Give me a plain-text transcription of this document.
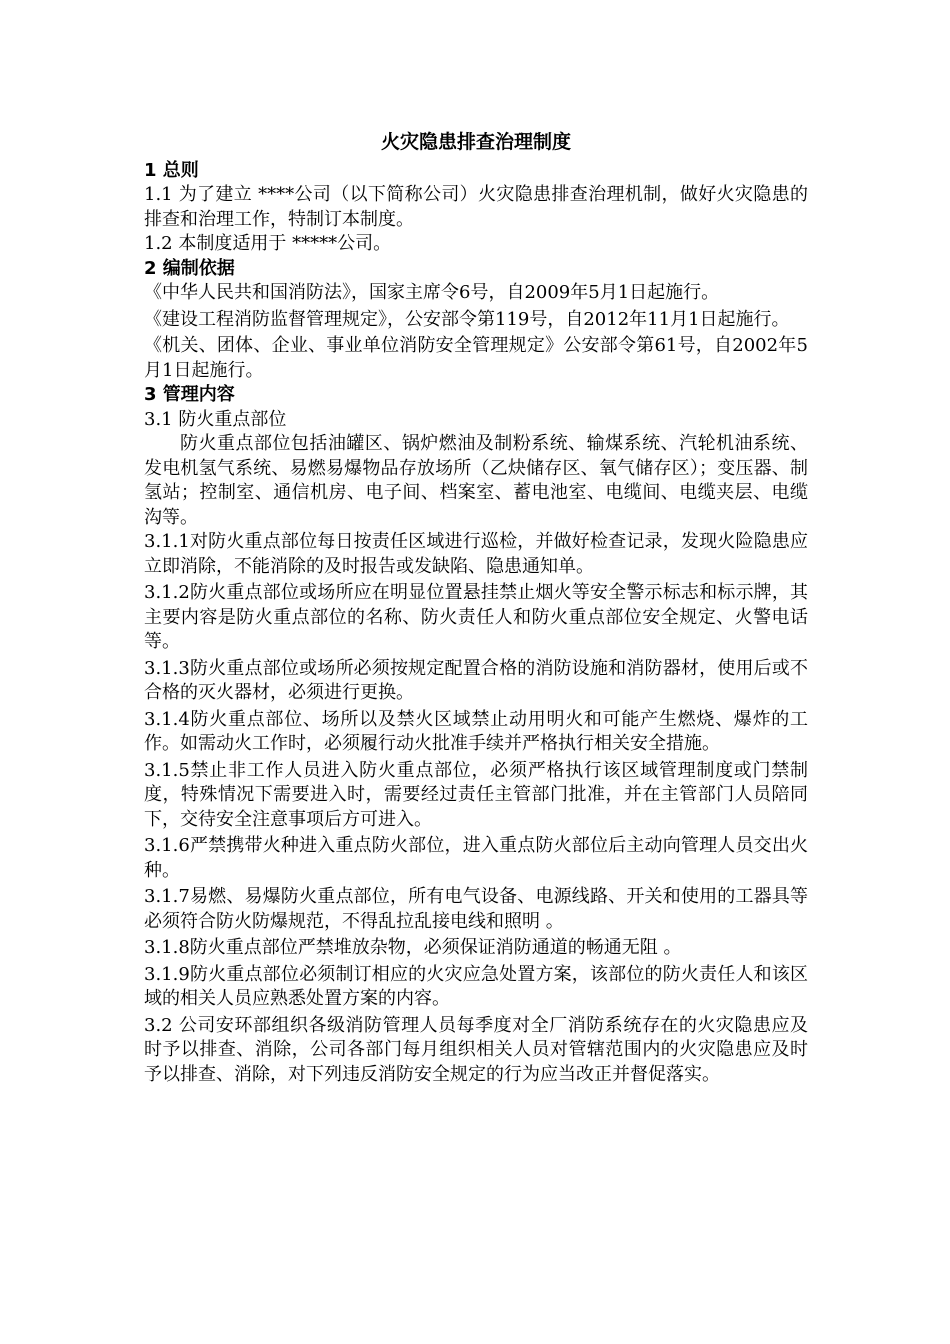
火灾隐患排查治理制度
1 总则

1.1 为了建立 ****公司（以下简称公司）火灾隐患排查治理机制，做好火灾隐患的排查和治理工作，特制订本制度。

1.2 本制度适用于 *****公司。

2 编制依据

《中华人民共和国消防法》，国家主席令6号，自2009年5月1日起施行。

《建设工程消防监督管理规定》，公安部令第119号，自2012年11月1日起施行。

《机关、团体、企业、事业单位消防安全管理规定》公安部令第61号，自2002年5月1日起施行。

3 管理内容

3.1 防火重点部位

防火重点部位包括油罐区、锅炉燃油及制粉系统、输煤系统、汽轮机油系统、发电机氢气系统、易燃易爆物品存放场所（乙炔储存区、氧气储存区）；变压器、制氢站；控制室、通信机房、电子间、档案室、蓄电池室、电缆间、电缆夹层、电缆沟等。

3.1.1对防火重点部位每日按责任区域进行巡检，并做好检查记录，发现火险隐患应立即消除，不能消除的及时报告或发缺陷、隐患通知单。

3.1.2防火重点部位或场所应在明显位置悬挂禁止烟火等安全警示标志和标示牌，其主要内容是防火重点部位的名称、防火责任人和防火重点部位安全规定、火警电话等。

3.1.3防火重点部位或场所必须按规定配置合格的消防设施和消防器材，使用后或不合格的灭火器材，必须进行更换。

3.1.4防火重点部位、场所以及禁火区域禁止动用明火和可能产生燃烧、爆炸的工作。如需动火工作时，必须履行动火批准手续并严格执行相关安全措施。

3.1.5禁止非工作人员进入防火重点部位，必须严格执行该区域管理制度或门禁制度，特殊情况下需要进入时，需要经过责任主管部门批准，并在主管部门人员陪同下，交待安全注意事项后方可进入。

3.1.6严禁携带火种进入重点防火部位，进入重点防火部位后主动向管理人员交出火种。

3.1.7易燃、易爆防火重点部位，所有电气设备、电源线路、开关和使用的工器具等必须符合防火防爆规范，不得乱拉乱接电线和照明 。

3.1.8防火重点部位严禁堆放杂物，必须保证消防通道的畅通无阻 。

3.1.9防火重点部位必须制订相应的火灾应急处置方案，该部位的防火责任人和该区域的相关人员应熟悉处置方案的内容。

3.2 公司安环部组织各级消防管理人员每季度对全厂消防系统存在的火灾隐患应及时予以排查、消除，公司各部门每月组织相关人员对管辖范围内的火灾隐患应及时予以排查、消除，对下列违反消防安全规定的行为应当改正并督促落实。
